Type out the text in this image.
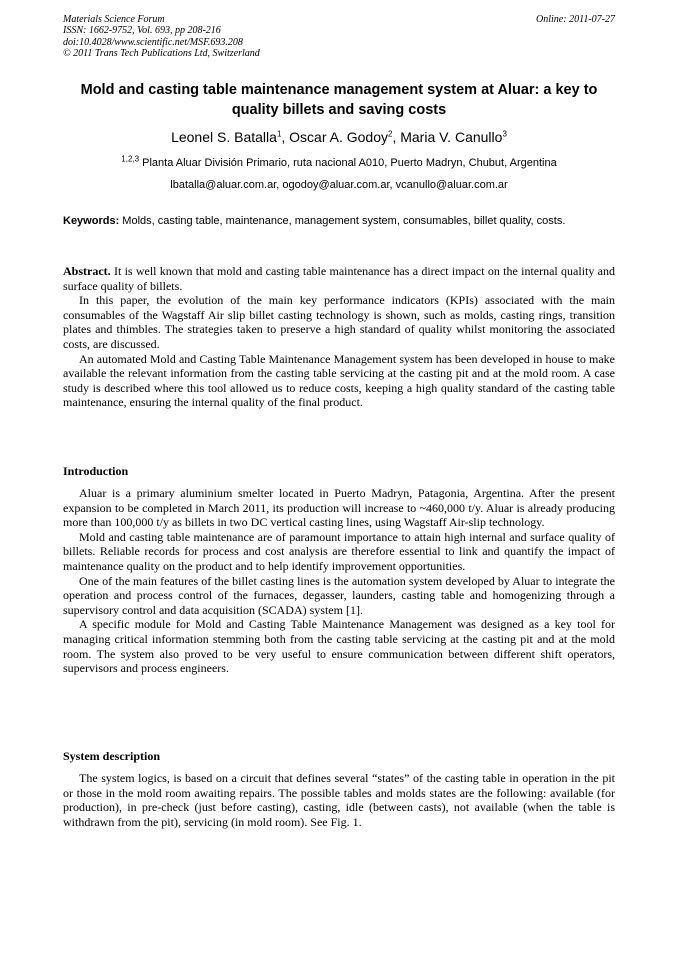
Materials Science Forum
ISSN: 1662-9752, Vol. 693, pp 208-216
doi:10.4028/www.scientific.net/MSF.693.208
© 2011 Trans Tech Publications Ltd, Switzerland
Online: 2011-07-27
Mold and casting table maintenance management system at Aluar: a key to quality billets and saving costs
Leonel S. Batalla$^1$, Oscar A. Godoy$^2$, Maria V. Canullo$^3$
$^{1,2,3}$ Planta Aluar División Primario, ruta nacional A010, Puerto Madryn, Chubut, Argentina
lbatalla@aluar.com.ar, ogodoy@aluar.com.ar, vcanullo@aluar.com.ar
Keywords: Molds, casting table, maintenance, management system, consumables, billet quality, costs.

Abstract. It is well known that mold and casting table maintenance has a direct impact on the internal quality and surface quality of billets.

In this paper, the evolution of the main key performance indicators (KPIs) associated with the main consumables of the Wagstaff Air slip billet casting technology is shown, such as molds, casting rings, transition plates and thimbles. The strategies taken to preserve a high standard of quality whilst monitoring the associated costs, are discussed.

An automated Mold and Casting Table Maintenance Management system has been developed in house to make available the relevant information from the casting table servicing at the casting pit and at the mold room. A case study is described where this tool allowed us to reduce costs, keeping a high quality standard of the casting table maintenance, ensuring the internal quality of the final product.

Introduction

Aluar is a primary aluminium smelter located in Puerto Madryn, Patagonia, Argentina. After the present expansion to be completed in March 2011, its production will increase to ~460,000 t/y. Aluar is already producing more than 100,000 t/y as billets in two DC vertical casting lines, using Wagstaff Air-slip technology.

Mold and casting table maintenance are of paramount importance to attain high internal and surface quality of billets. Reliable records for process and cost analysis are therefore essential to link and quantify the impact of maintenance quality on the product and to help identify improvement opportunities.

One of the main features of the billet casting lines is the automation system developed by Aluar to integrate the operation and process control of the furnaces, degasser, launders, casting table and homogenizing through a supervisory control and data acquisition (SCADA) system [1].

A specific module for Mold and Casting Table Maintenance Management was designed as a key tool for managing critical information stemming both from the casting table servicing at the casting pit and at the mold room. The system also proved to be very useful to ensure communication between different shift operators, supervisors and process engineers.

System description

The system logics, is based on a circuit that defines several “states” of the casting table in operation in the pit or those in the mold room awaiting repairs. The possible tables and molds states are the following: available (for production), in pre-check (just before casting), casting, idle (between casts), not available (when the table is withdrawn from the pit), servicing (in mold room). See Fig. 1.
